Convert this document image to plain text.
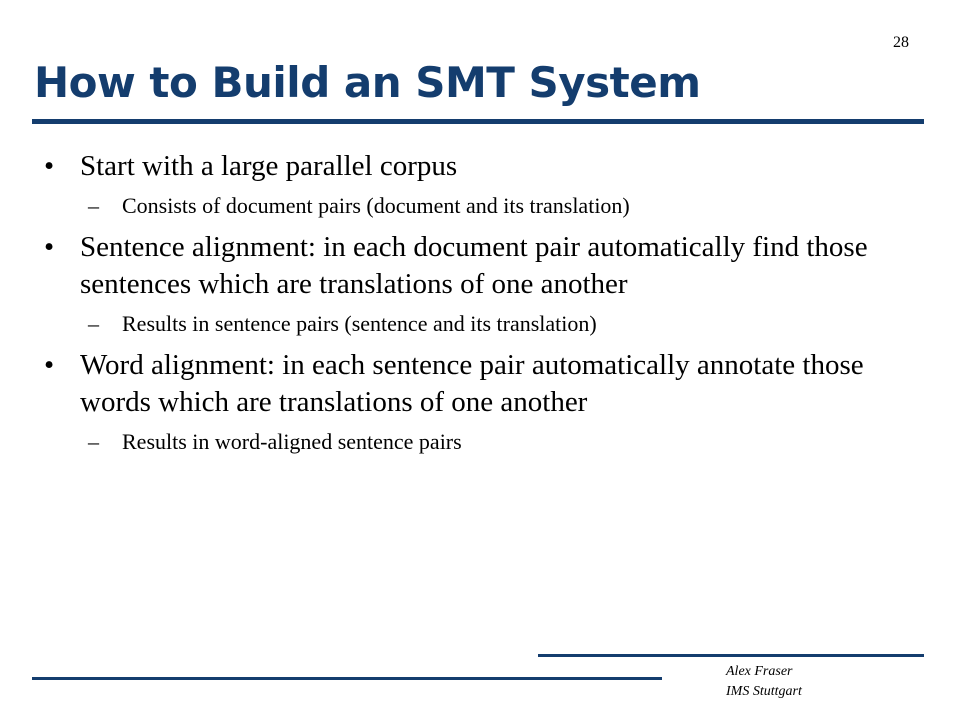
28
How to Build an SMT System
• Start with a large parallel corpus
– Consists of document pairs (document and its translation)
• Sentence alignment: in each document pair automatically find those sentences which are translations of one another
– Results in sentence pairs (sentence and its translation)
• Word alignment: in each sentence pair automatically annotate those words which are translations of one another
– Results in word-aligned sentence pairs
Alex Fraser
IMS Stuttgart
